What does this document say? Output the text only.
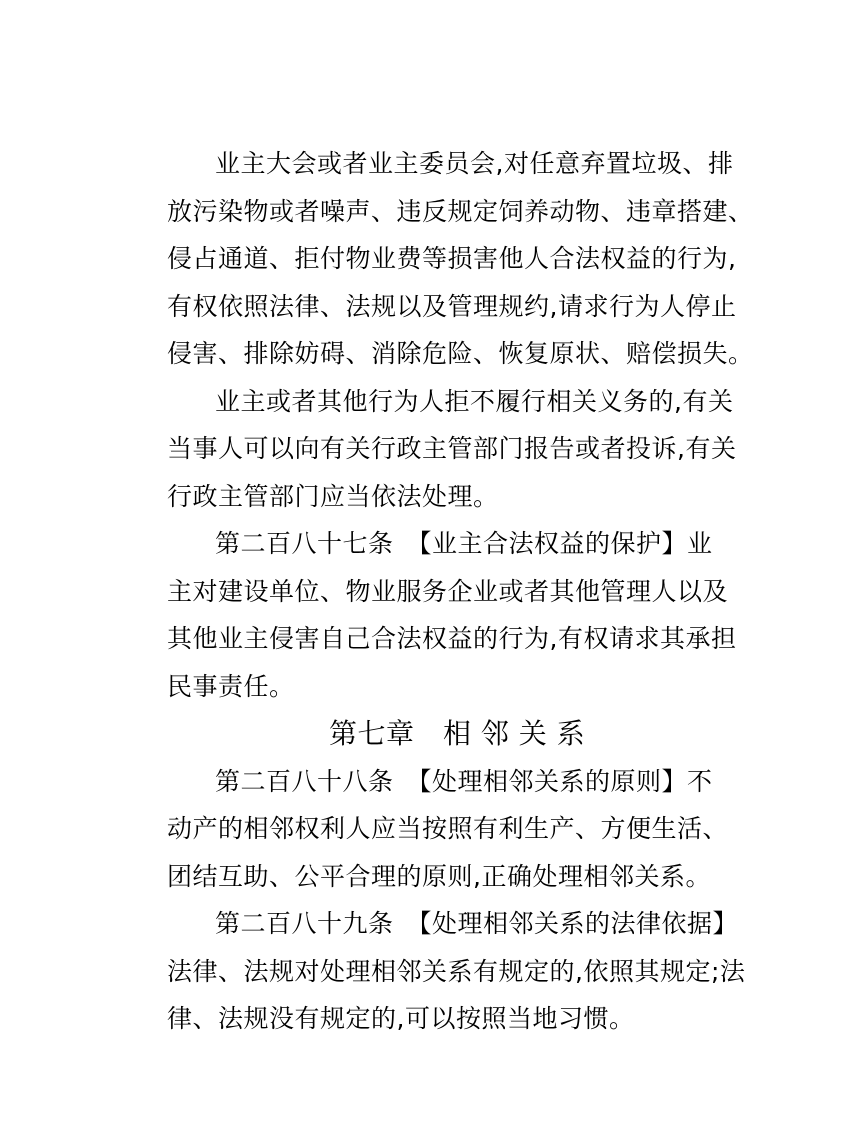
业主大会或者业主委员会,对任意弃置垃圾、排
放污染物或者噪声、违反规定饲养动物、违章搭建、
侵占通道、拒付物业费等损害他人合法权益的行为,
有权依照法律、法规以及管理规约,请求行为人停止
侵害、排除妨碍、消除危险、恢复原状、赔偿损失。
业主或者其他行为人拒不履行相关义务的,有关
当事人可以向有关行政主管部门报告或者投诉,有关
行政主管部门应当依法处理。
第二百八十七条　【业主合法权益的保护】业
主对建设单位、物业服务企业或者其他管理人以及
其他业主侵害自己合法权益的行为,有权请求其承担
民事责任。
第七章　相 邻 关 系
第二百八十八条　【处理相邻关系的原则】不
动产的相邻权利人应当按照有利生产、方便生活、
团结互助、公平合理的原则,正确处理相邻关系。
第二百八十九条　【处理相邻关系的法律依据】
法律、法规对处理相邻关系有规定的,依照其规定;法
律、法规没有规定的,可以按照当地习惯。
